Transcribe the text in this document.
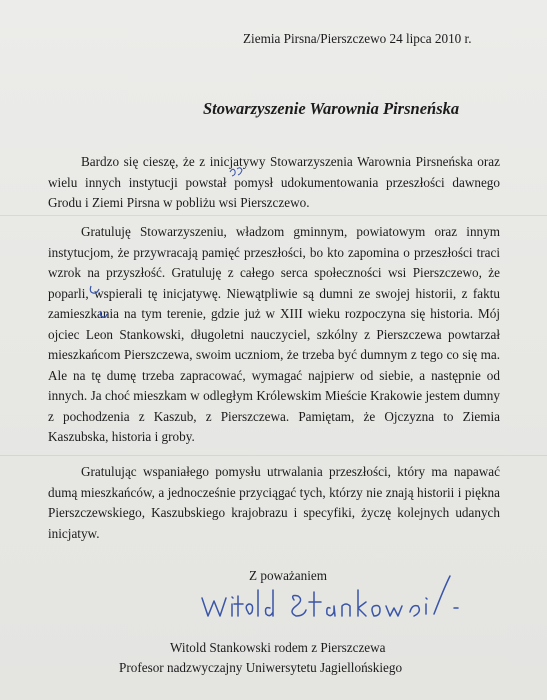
Ziemia Pirsna/Pierszczewo 24 lipca 2010 r.
Stowarzyszenie Warownia Pirsneńska

Bardzo się cieszę, że z inicjatywy Stowarzyszenia Warownia Pirsneńska oraz wielu innych instytucji powstał pomysł udokumentowania przeszłości dawnego Grodu i Ziemi Pirsna w pobliżu wsi Pierszczewo.

Gratuluję Stowarzyszeniu, władzom gminnym, powiatowym oraz innym instytucjom, że przywracają pamięć przeszłości, bo kto zapomina o przeszłości traci wzrok na przyszłość. Gratuluję z całego serca społeczności wsi Pierszczewo, że poparli, wspierali tę inicjatywę. Niewątpliwie są dumni ze swojej historii, z faktu zamieszkania na tym terenie, gdzie już w XIII wieku rozpoczyna się historia. Mój ojciec Leon Stankowski, długoletni nauczyciel, szkólny z Pierszczewa powtarzał mieszkańcom Pierszczewa, swoim uczniom, że trzeba być dumnym z tego co się ma. Ale na tę dumę trzeba zapracować, wymagać najpierw od siebie, a następnie od innych. Ja choć mieszkam w odległym Królewskim Mieście Krakowie jestem dumny z pochodzenia z Kaszub, z Pierszczewa. Pamiętam, że Ojczyzna to Ziemia Kaszubska, historia i groby.

Gratulując wspaniałego pomysłu utrwalania przeszłości, który ma napawać dumą mieszkańców, a jednocześnie przyciągać tych, którzy nie znają historii i piękna Pierszczewskiego, Kaszubskiego krajobrazu i specyfiki, życzę kolejnych udanych inicjatyw.

Z poważaniem
Witold Stankowski rodem z Pierszczewa
Profesor nadzwyczajny Uniwersytetu Jagiellońskiego
